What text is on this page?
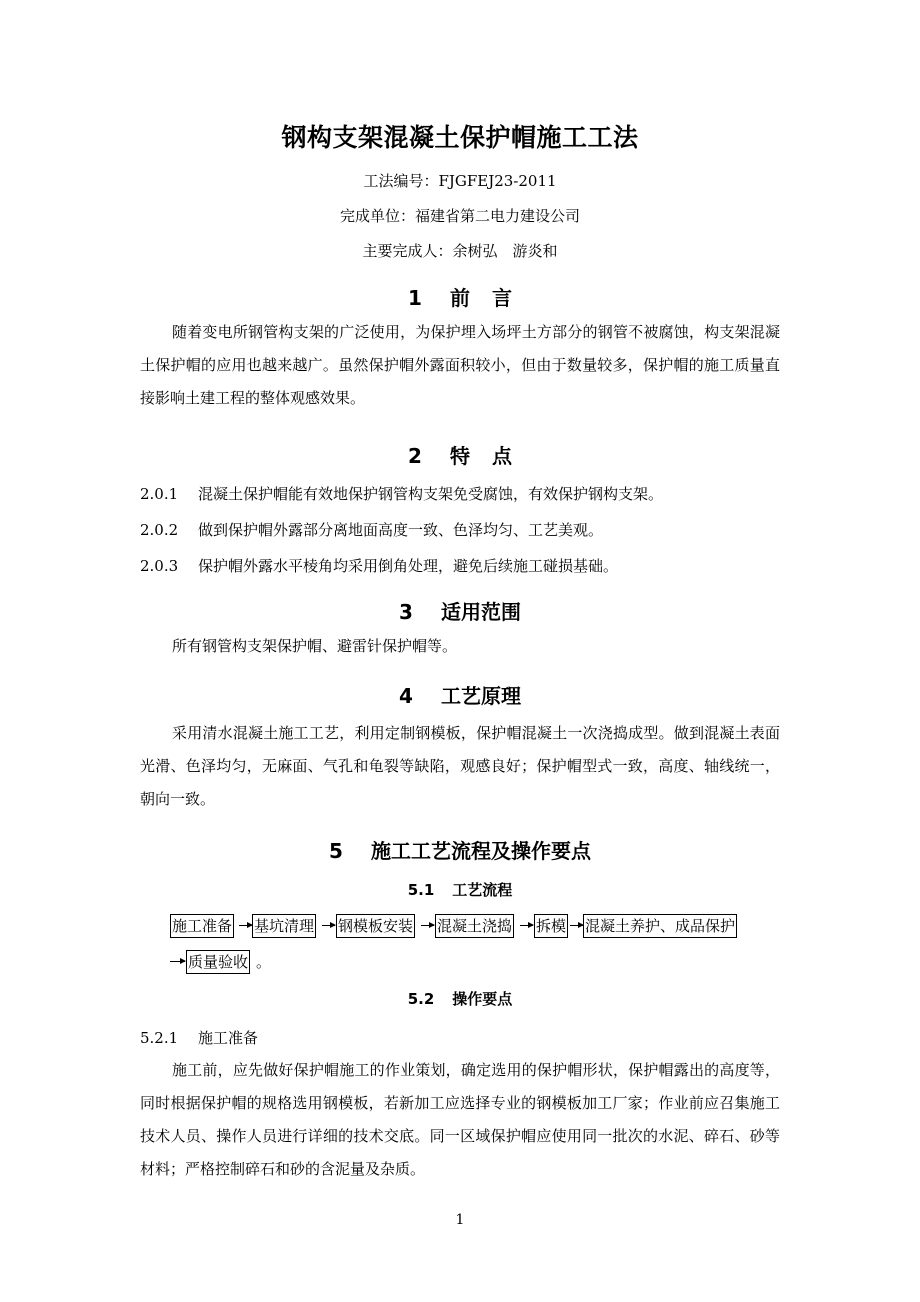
钢构支架混凝土保护帽施工工法
工法编号：FJGFEJ23-2011
完成单位：福建省第二电力建设公司
主要完成人：余树弘　游炎和
1 前言

随着变电所钢管构支架的广泛使用，为保护埋入场坪土方部分的钢管不被腐蚀，构支架混凝土保护帽的应用也越来越广。虽然保护帽外露面积较小，但由于数量较多，保护帽的施工质量直接影响土建工程的整体观感效果。

2 特点
2.0.1 混凝土保护帽能有效地保护钢管构支架免受腐蚀，有效保护钢构支架。
2.0.2 做到保护帽外露部分离地面高度一致、色泽均匀、工艺美观。
2.0.3 保护帽外露水平棱角均采用倒角处理，避免后续施工碰损基础。
3 适用范围

所有钢管构支架保护帽、避雷针保护帽等。

4 工艺原理

采用清水混凝土施工工艺，利用定制钢模板，保护帽混凝土一次浇捣成型。做到混凝土表面光滑、色泽均匀，无麻面、气孔和龟裂等缺陷，观感良好；保护帽型式一致，高度、轴线统一，朝向一致。

5 施工工艺流程及操作要点
5.1 工艺流程
施工准备 基坑清理 钢模板安装 混凝土浇捣 拆模 混凝土养护、成品保护
质量验收 。
5.2 操作要点
5.2.1 施工准备

施工前，应先做好保护帽施工的作业策划，确定选用的保护帽形状，保护帽露出的高度等，同时根据保护帽的规格选用钢模板，若新加工应选择专业的钢模板加工厂家；作业前应召集施工技术人员、操作人员进行详细的技术交底。同一区域保护帽应使用同一批次的水泥、碎石、砂等材料；严格控制碎石和砂的含泥量及杂质。

1
